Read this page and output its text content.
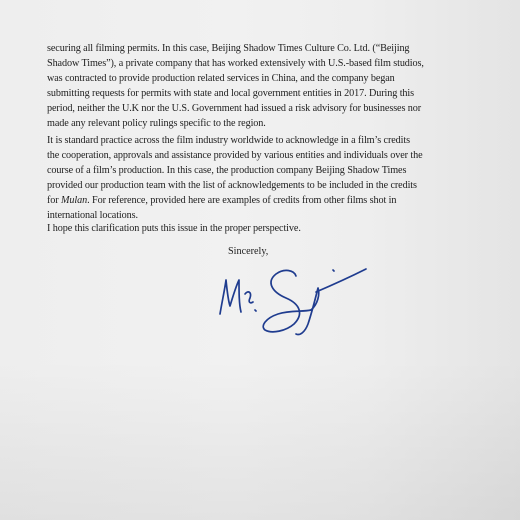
securing all filming permits. In this case, Beijing Shadow Times Culture Co. Ltd. (“Beijing
Shadow Times”), a private company that has worked extensively with U.S.-based film studios,
was contracted to provide production related services in China, and the company began
submitting requests for permits with state and local government entities in 2017. During this
period, neither the U.K nor the U.S. Government had issued a risk advisory for businesses nor
made any relevant policy rulings specific to the region.
It is standard practice across the film industry worldwide to acknowledge in a film’s credits
the cooperation, approvals and assistance provided by various entities and individuals over the
course of a film’s production. In this case, the production company Beijing Shadow Times
provided our production team with the list of acknowledgements to be included in the credits
for Mulan. For reference, provided here are examples of credits from other films shot in
international locations.
I hope this clarification puts this issue in the proper perspective.
Sincerely,
